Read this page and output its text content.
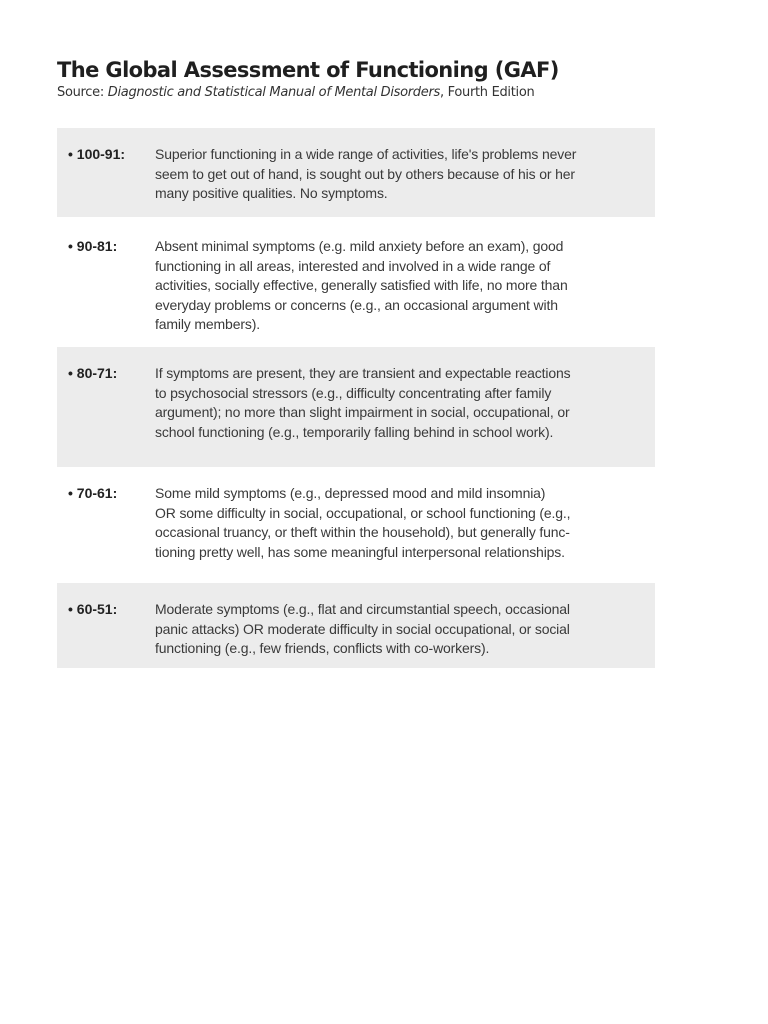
The Global Assessment of Functioning (GAF)
Source: Diagnostic and Statistical Manual of Mental Disorders, Fourth Edition
• 100-91:	Superior functioning in a wide range of activities, life's problems never
seem to get out of hand, is sought out by others because of his or her
many positive qualities. No symptoms.
• 90-81:	Absent minimal symptoms (e.g. mild anxiety before an exam), good
functioning in all areas, interested and involved in a wide range of
activities, socially effective, generally satisfied with life, no more than
everyday problems or concerns (e.g., an occasional argument with
family members).
• 80-71:	If symptoms are present, they are transient and expectable reactions
to psychosocial stressors (e.g., difficulty concentrating after family
argument); no more than slight impairment in social, occupational, or
school functioning (e.g., temporarily falling behind in school work).
• 70-61:	Some mild symptoms (e.g., depressed mood and mild insomnia)
OR some difficulty in social, occupational, or school functioning (e.g.,
occasional truancy, or theft within the household), but generally func-
tioning pretty well, has some meaningful interpersonal relationships.
• 60-51:	Moderate symptoms (e.g., flat and circumstantial speech, occasional
panic attacks) OR moderate difficulty in social occupational, or social
functioning (e.g., few friends, conflicts with co-workers).
